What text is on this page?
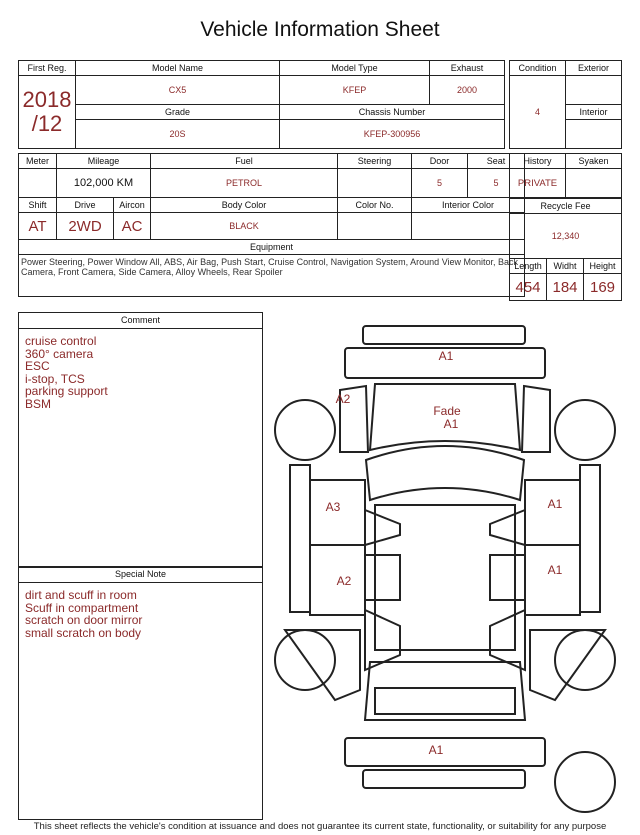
Vehicle Information Sheet
First Reg.	Model Name	Model Type	Exhaust

2018
/12	CX5	KFEP	2000
	Grade	Chassis Number	
	20S	KFEP-300956	
Condition	Exterior
4	
	Interior

Meter	Mileage		Fuel	Steering	Door	Seat
	102,000 KM		PETROL		5	5
Shift	Drive	Aircon	Body Color	Color No.	Interior Color	
AT	2WD	AC	BLACK			
Equipment						
Power Steering, Power Window All, ABS, Air Bag, Push Start, Cruise Control, Navigation System, Around View Monitor, Back Camera, Front Camera, Side Camera, Alloy Wheels, Rear Spoiler						
History	Syaken
PRIVATE	
Recycle Fee		
12,340		
Length	Widht	Height
454	184	169
Comment
cruise control
360° camera
ESC
i-stop, TCS
parking support
BSM
Special Note
dirt and scuff in room
Scuff in compartment
scratch on door mirror
small scratch on body
A1
A2
Fade
A1
A3	A1
A2
A1
A1
This sheet reflects the vehicle's condition at issuance and does not guarantee its current state, functionality, or suitability for any purpose
